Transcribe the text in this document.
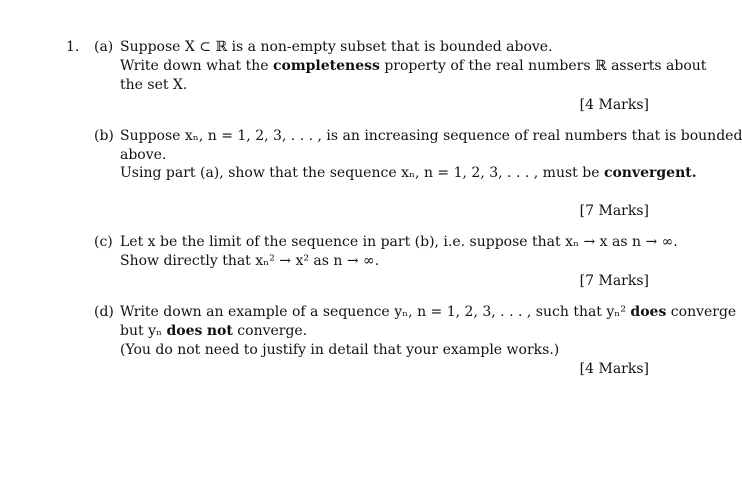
1. (a) Suppose X ⊂ ℝ is a non-empty subset that is bounded above.
Write down what the completeness property of the real numbers ℝ asserts about
the set X.
[4 Marks]
(b) Suppose xₙ, n = 1, 2, 3, . . . , is an increasing sequence of real numbers that is bounded
above.
Using part (a), show that the sequence xₙ, n = 1, 2, 3, . . . , must be convergent.
[7 Marks]
(c) Let x be the limit of the sequence in part (b), i.e. suppose that xₙ → x as n → ∞.
Show directly that xₙ² → x² as n → ∞.
[7 Marks]
(d) Write down an example of a sequence yₙ, n = 1, 2, 3, . . . , such that yₙ² does converge
but yₙ does not converge.
(You do not need to justify in detail that your example works.)
[4 Marks]
